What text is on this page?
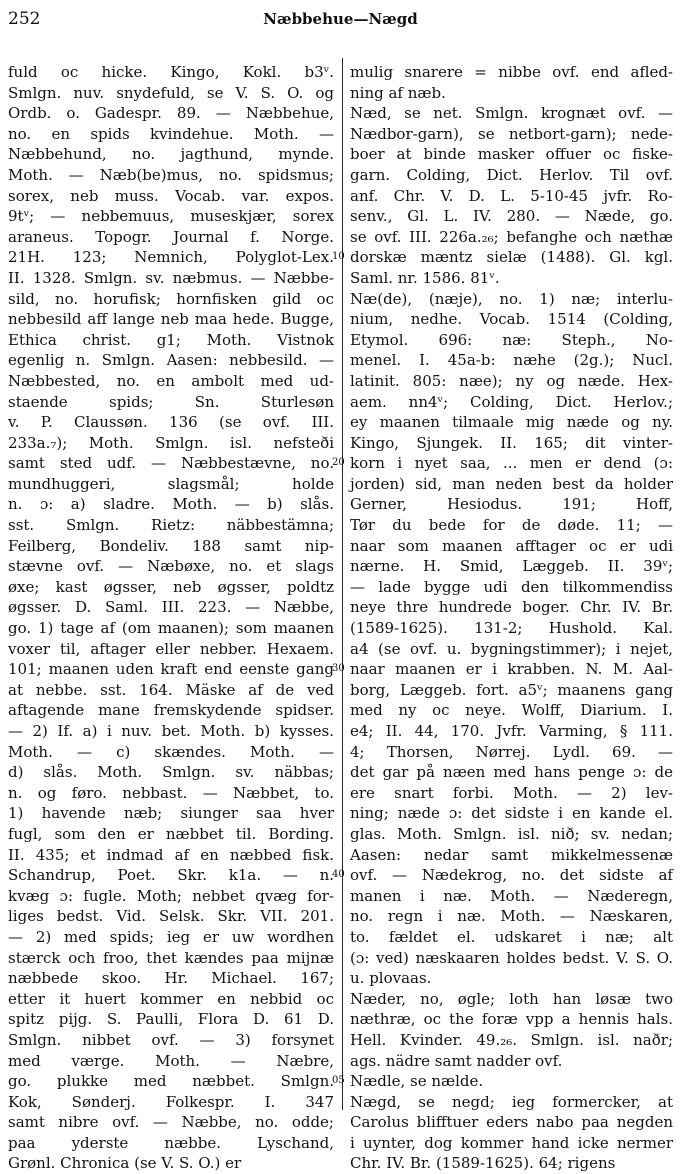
252	Næbbehue—Nægd
fuld oc hicke. Kingo, Kokl. b3ᵛ.
Smlgn. nuv. snydefuld, se V. S. O. og
Ordb. o. Gadespr. 89. — Næbbehue,
no. en spids kvindehue. Moth. —
Næbbehund, no. jagthund, mynde.
Moth. — Næb(be)mus, no. spidsmus;
sorex, neb muss. Vocab. var. expos.
9tᵛ; — nebbemuus, museskjær, sorex
araneus. Topogr. Journal f. Norge.
21H. 123; Nemnich, Polyglot-Lex.
II. 1328. Smlgn. sv. næbmus. — Næbbe-
sild, no. horufisk; hornfisken gild oc
nebbesild aff lange neb maa hede. Bugge,
Ethica christ. g1; Moth. Vistnok
egenlig n. Smlgn. Aasen: nebbesild. —
Næbbested, no. en ambolt med ud-
staende spids; Sn. Sturlesøn
v. P. Claussøn. 136 (se ovf. III.
233a.₇); Moth. Smlgn. isl. nefsteði
samt sted udf. — Næbbestævne, no.
mundhuggeri, slagsmål; holde
n. ɔ: a) sladre. Moth. — b) slås.
sst. Smlgn. Rietz: näbbestämna;
Feilberg, Bondeliv. 188 samt nip-
stævne ovf. — Næbøxe, no. et slags
øxe; kast øgsser, neb øgsser, poldtz
øgsser. D. Saml. III. 223. — Næbbe,
go. 1) tage af (om maanen); som maanen
voxer til, aftager eller nebber. Hexaem.
101; maanen uden kraft end eenste gang
at nebbe. sst. 164. Mäske af de ved
aftagende mane fremskydende spidser.
— 2) If. a) i nuv. bet. Moth. b) kysses.
Moth. — c) skændes. Moth. —
d) slås. Moth. Smlgn. sv. näbbas;
n. og føro. nebbast. — Næbbet, to.
1) havende næb; siunger saa hver
fugl, som den er næbbet til. Bording.
II. 435; et indmad af en næbbed fisk.
Schandrup, Poet. Skr. k1a. — n.
kvæg ɔ: fugle. Moth; nebbet qvæg for-
liges bedst. Vid. Selsk. Skr. VII. 201.
— 2) med spids; ieg er uw wordhen
stærck och froo, thet kændes paa mijnæ
næbbede skoo. Hr. Michael. 167;
etter it huert kommer en nebbid oc
spitz pijg. S. Paulli, Flora D. 61 D.
Smlgn. nibbet ovf. — 3) forsynet
med værge. Moth. — Næbre,
go. plukke med næbbet. Smlgn.
Kok, Sønderj. Folkespr. I. 347
samt nibre ovf. — Næbbe, no. odde;
paa yderste næbbe. Lyschand,
Grønl. Chronica (se V. S. O.) er
10
20
30
40
05
mulig snarere = nibbe ovf. end afled-
ning af næb.
Næd, se net. Smlgn. krognæt ovf. —
Nædbor-garn), se netbort-garn); nede-
boer at binde masker offuer oc fiske-
garn. Colding, Dict. Herlov. Til ovf.
anf. Chr. V. D. L. 5-10-45 jvfr. Ro-
senv., Gl. L. IV. 280. — Næde, go.
se ovf. III. 226a.₂₆; befanghe och næthæ
dorskæ mæntz sielæ (1488). Gl. kgl.
Saml. nr. 1586. 81ᵛ.
Næ(de), (næje), no. 1) næ; interlu-
nium, nedhe. Vocab. 1514 (Colding,
Etymol. 696: næ: Steph., No-
menel. I. 45a-b: næhe (2g.); Nucl.
latinit. 805: næe); ny og næde. Hex-
aem. nn4ᵛ; Colding, Dict. Herlov.;
ey maanen tilmaale mig næde og ny.
Kingo, Sjungek. II. 165; dit vinter-
korn i nyet saa, ... men er dend (ɔ:
jorden) sid, man neden best da holder
Gerner, Hesiodus. 191; Hoff,
Tør du bede for de døde. 11; —
naar som maanen afftager oc er udi
nærne. H. Smid, Læggeb. II. 39ᵛ;
— lade bygge udi den tilkommendiss
neye thre hundrede boger. Chr. IV. Br.
(1589-1625). 131-2; Hushold. Kal.
a4 (se ovf. u. bygningstimmer); i nejet,
naar maanen er i krabben. N. M. Aal-
borg, Læggeb. fort. a5ᵛ; maanens gang
med ny oc neye. Wolff, Diarium. I.
e4; II. 44, 170. Jvfr. Varming, § 111.
4; Thorsen, Nørrej. Lydl. 69. —
det gar på næen med hans penge ɔ: de
ere snart forbi. Moth. — 2) lev-
ning; næde ɔ: det sidste i en kande el.
glas. Moth. Smlgn. isl. nið; sv. nedan;
Aasen: nedar samt mikkelmessenæ
ovf. — Nædekrog, no. det sidste af
manen i næ. Moth. — Næderegn,
no. regn i næ. Moth. — Næskaren,
to. fældet el. udskaret i næ; alt
(ɔ: ved) næskaaren holdes bedst. V. S. O.
u. plovaas.
Næder, no, øgle; loth han løsæ two
næthræ, oc the foræ vpp a hennis hals.
Hell. Kvinder. 49.₂₆. Smlgn. isl. naðr;
ags. nädre samt nadder ovf.
Nædle, se nælde.
Nægd, se negd; ieg formercker, at
Carolus blifftuer eders nabo paa negden
i uynter, dog kommer hand icke nermer
Chr. IV. Br. (1589-1625). 64; rigens
